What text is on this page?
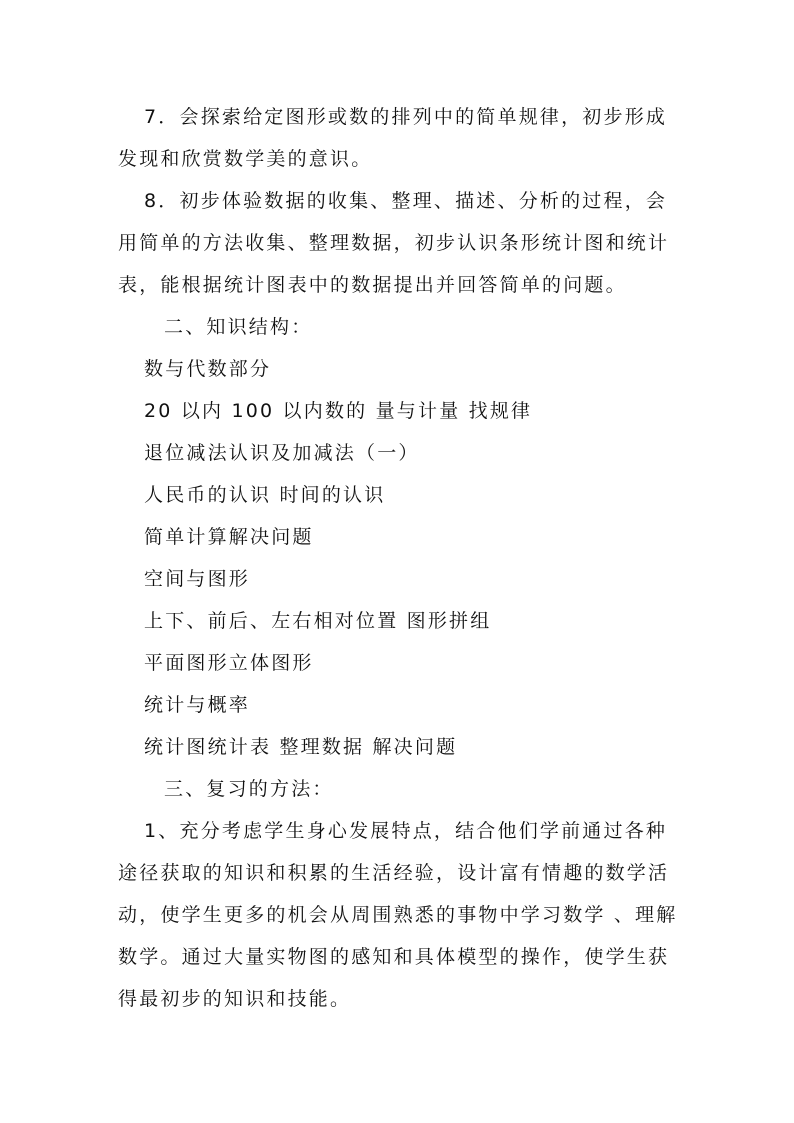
7．会探索给定图形或数的排列中的简单规律，初步形成
发现和欣赏数学美的意识。
8．初步体验数据的收集、整理、描述、分析的过程，会
用简单的方法收集、整理数据，初步认识条形统计图和统计
表，能根据统计图表中的数据提出并回答简单的问题。
二、知识结构：
数与代数部分
20 以内 100 以内数的 量与计量 找规律
退位减法认识及加减法（一）
人民币的认识 时间的认识
简单计算解决问题
空间与图形
上下、前后、左右相对位置 图形拼组
平面图形立体图形
统计与概率
统计图统计表 整理数据 解决问题
三、复习的方法：
1、充分考虑学生身心发展特点，结合他们学前通过各种
途径获取的知识和积累的生活经验，设计富有情趣的数学活
动，使学生更多的机会从周围熟悉的事物中学习数学 、理解
数学。通过大量实物图的感知和具体模型的操作，使学生获
得最初步的知识和技能。
